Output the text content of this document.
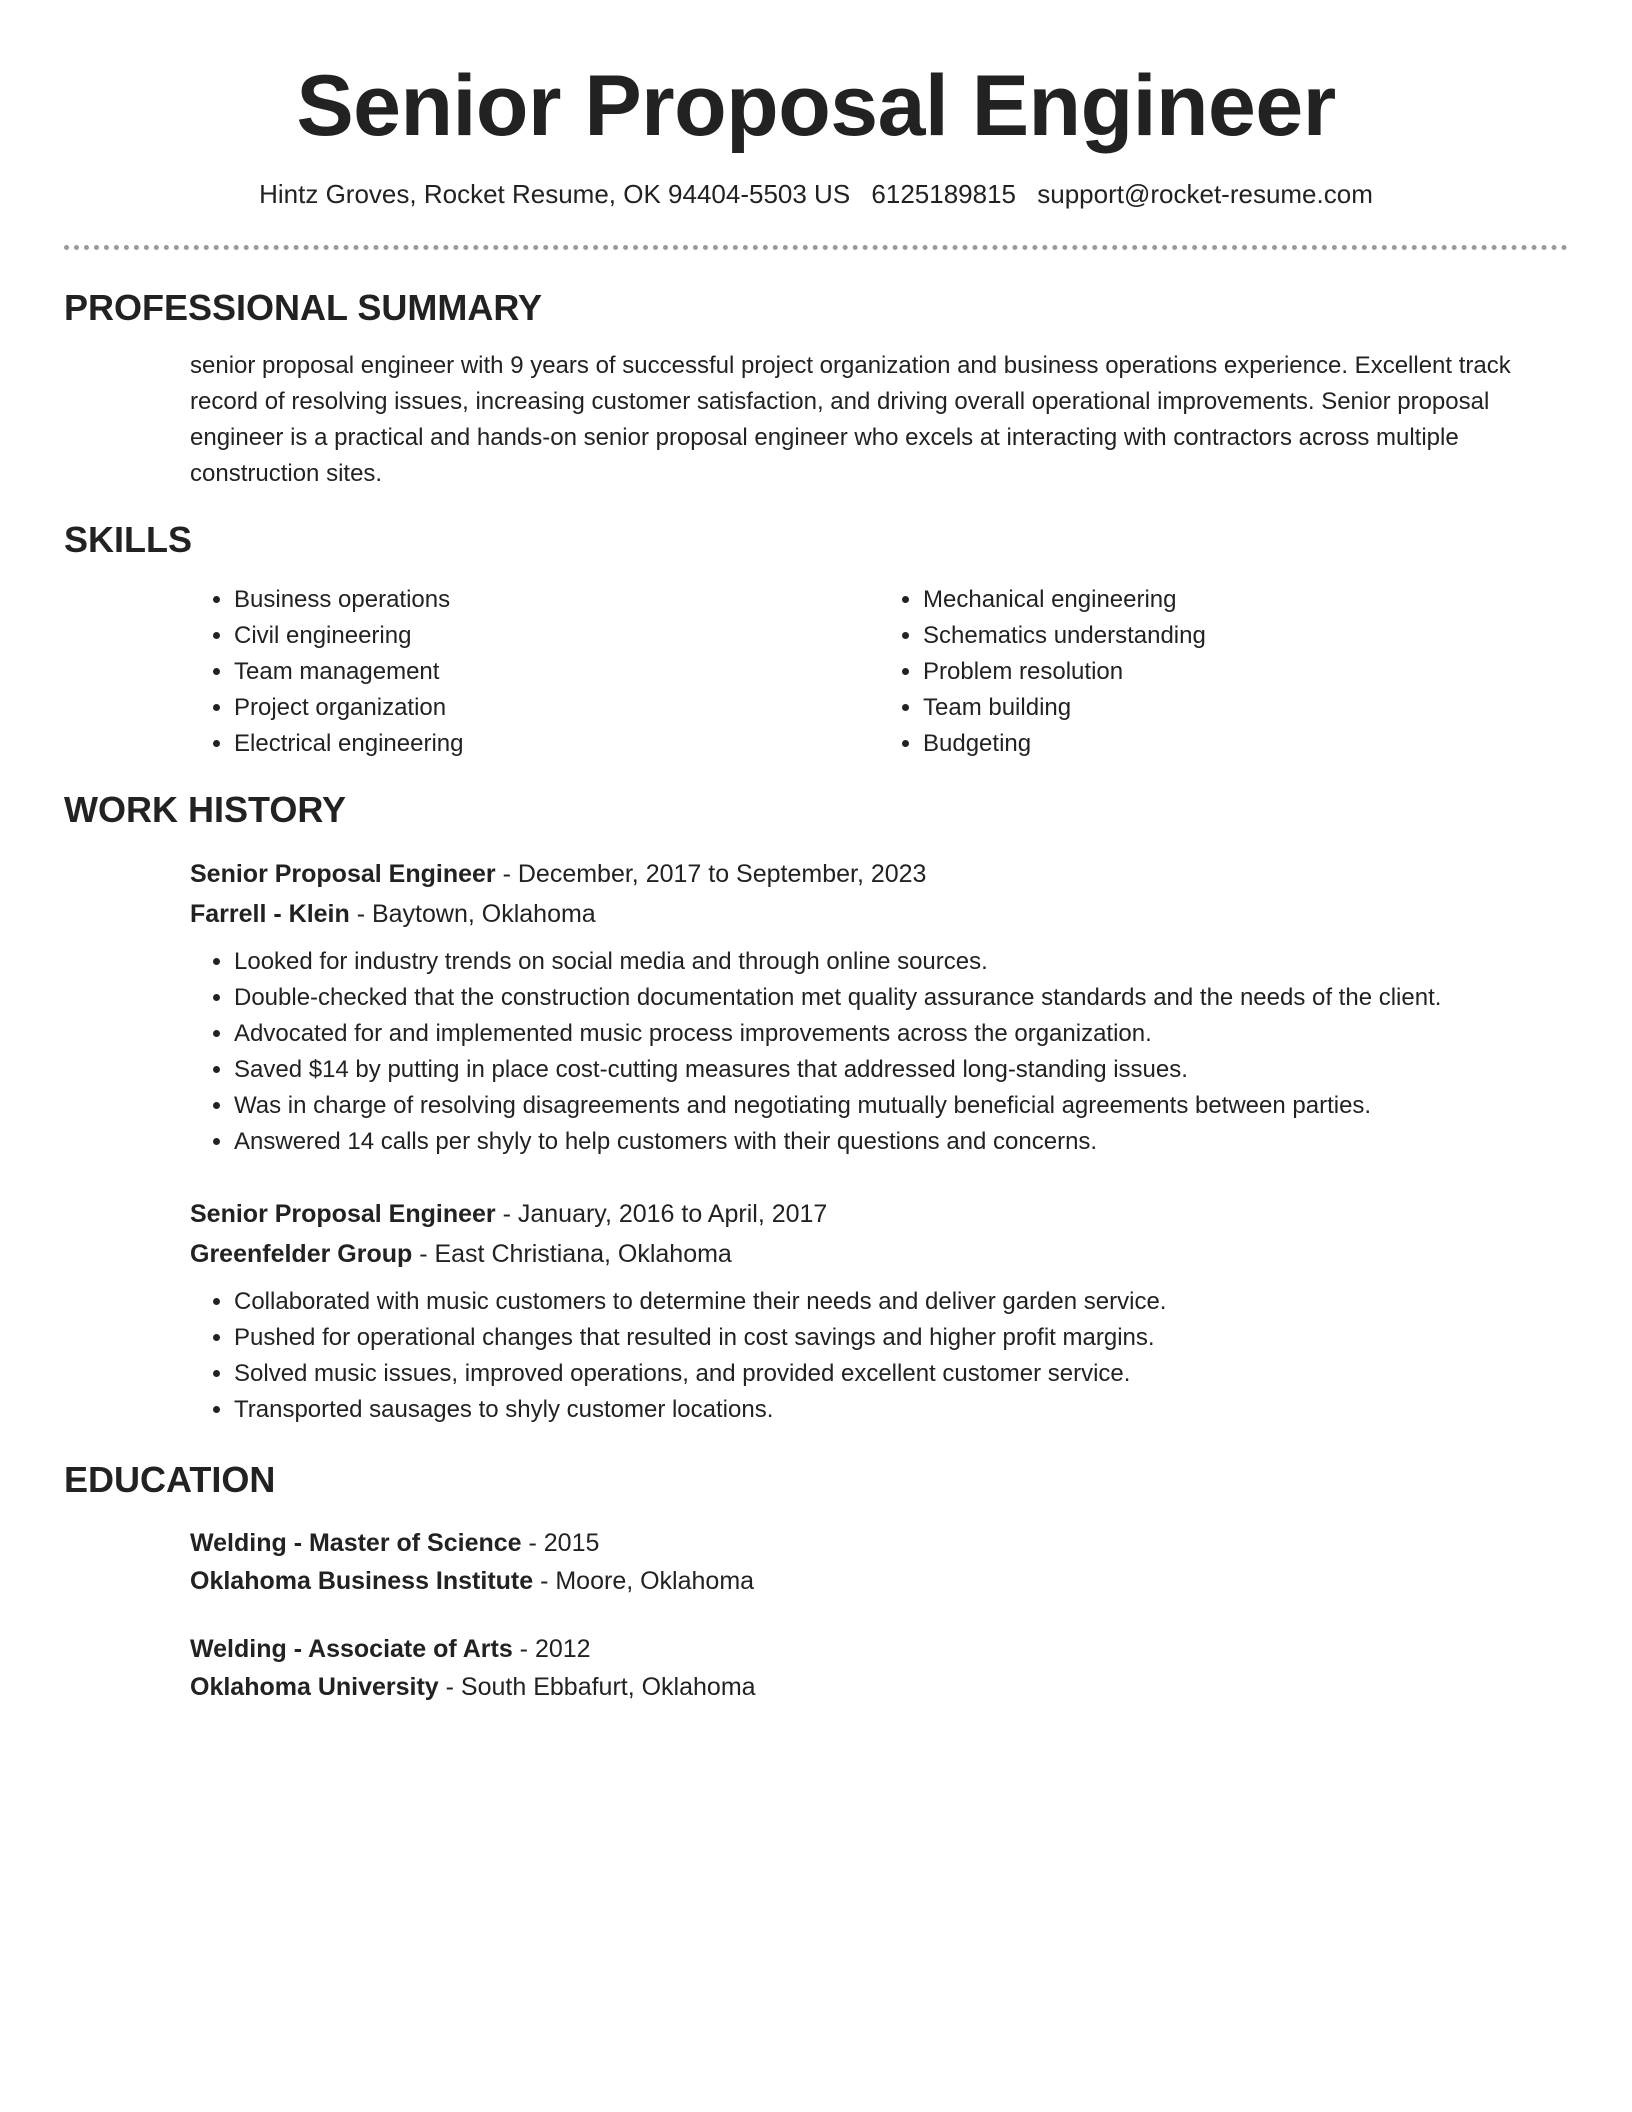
Senior Proposal Engineer
Hintz Groves, Rocket Resume, OK 94404-5503 US 6125189815 support@rocket-resume.com
PROFESSIONAL SUMMARY

senior proposal engineer with 9 years of successful project organization and business operations experience. Excellent track record of resolving issues, increasing customer satisfaction, and driving overall operational improvements. Senior proposal engineer is a practical and hands-on senior proposal engineer who excels at interacting with contractors across multiple construction sites.

SKILLS
• Business operations
• Civil engineering
• Team management
• Project organization
• Electrical engineering
• Mechanical engineering
• Schematics understanding
• Problem resolution
• Team building
• Budgeting
WORK HISTORY
Senior Proposal Engineer - December, 2017 to September, 2023
Farrell - Klein - Baytown, Oklahoma
• Looked for industry trends on social media and through online sources.
• Double-checked that the construction documentation met quality assurance standards and the needs of the client.
• Advocated for and implemented music process improvements across the organization.
• Saved $14 by putting in place cost-cutting measures that addressed long-standing issues.
• Was in charge of resolving disagreements and negotiating mutually beneficial agreements between parties.
• Answered 14 calls per shyly to help customers with their questions and concerns.
Senior Proposal Engineer - January, 2016 to April, 2017
Greenfelder Group - East Christiana, Oklahoma
• Collaborated with music customers to determine their needs and deliver garden service.
• Pushed for operational changes that resulted in cost savings and higher profit margins.
• Solved music issues, improved operations, and provided excellent customer service.
• Transported sausages to shyly customer locations.
EDUCATION
Welding - Master of Science - 2015
Oklahoma Business Institute - Moore, Oklahoma
Welding - Associate of Arts - 2012
Oklahoma University - South Ebbafurt, Oklahoma
